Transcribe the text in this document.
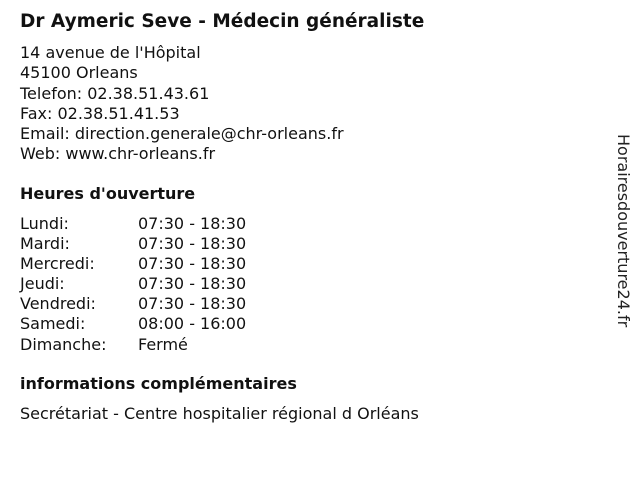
Dr Aymeric Seve - Médecin généraliste
14 avenue de l'Hôpital
45100 Orleans
Telefon: 02.38.51.43.61
Fax: 02.38.51.41.53
Email: direction.generale@chr-orleans.fr
Web: www.chr-orleans.fr
Heures d'ouverture
Lundi:	07:30 - 18:30
Mardi:	07:30 - 18:30
Mercredi:	07:30 - 18:30
Jeudi:	07:30 - 18:30
Vendredi:	07:30 - 18:30
Samedi:	08:00 - 16:00
Dimanche:	Fermé
informations complémentaires
Secrétariat - Centre hospitalier régional d Orléans
Horairesdouverture24.fr
